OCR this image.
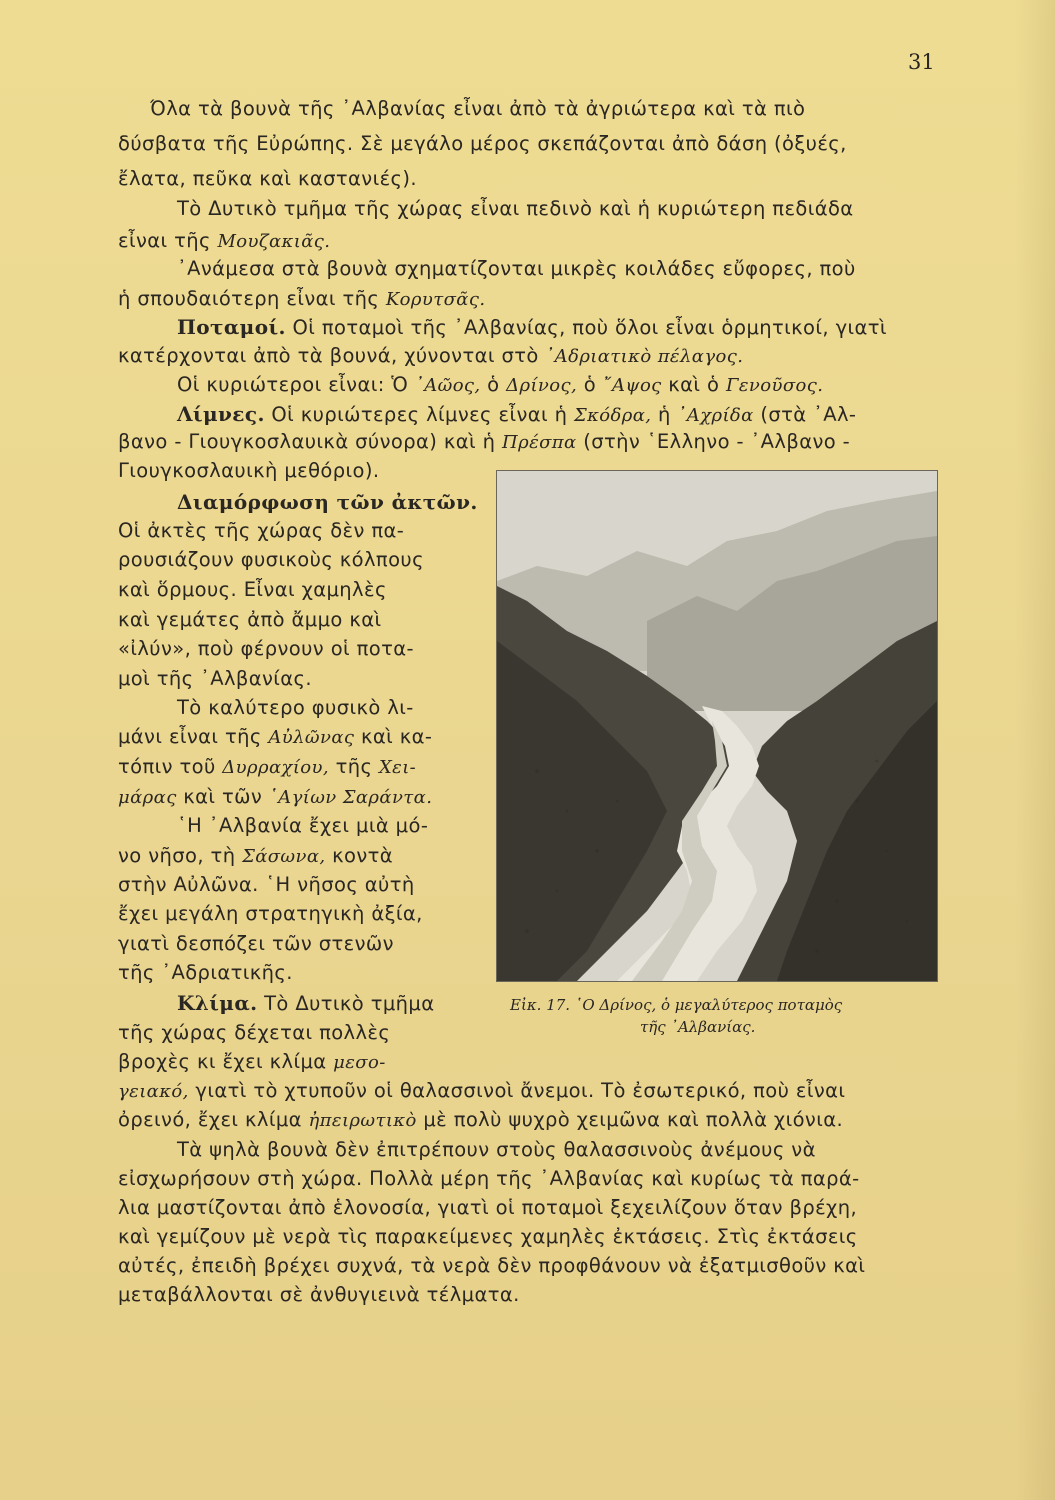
31
Όλα τὰ βουνὰ τῆς ᾽Αλβανίας εἶναι ἀπὸ τὰ ἀγριώτερα καὶ τὰ πιὸ
δύσβατα τῆς Εὐρώπης. Σὲ μεγάλο μέρος σκεπάζονται ἀπὸ δάση (ὀξυές,
ἔλατα, πεῦκα καὶ καστανιές).
Τὸ Δυτικὸ τμῆμα τῆς χώρας εἶναι πεδινὸ καὶ ἡ κυριώτερη πεδιάδα
εἶναι τῆς Μουζακιᾶς.
᾽Ανάμεσα στὰ βουνὰ σχηματίζονται μικρὲς κοιλάδες εὔφορες, ποὺ
ἡ σπουδαιότερη εἶναι τῆς Κορυτσᾶς.
Ποταμοί. Οἱ ποταμοὶ τῆς ᾽Αλβανίας, ποὺ ὅλοι εἶναι ὁρμητικοί, γιατὶ
κατέρχονται ἀπὸ τὰ βουνά, χύνονται στὸ ᾽Αδριατικὸ πέλαγος.
Οἱ κυριώτεροι εἶναι: Ὁ ᾽Αῶος, ὁ Δρίνος, ὁ ῎Αψος καὶ ὁ Γενοῦσος.
Λίμνες. Οἱ κυριώτερες λίμνες εἶναι ἡ Σκόδρα, ἡ ᾽Αχρίδα (στὰ ᾽Αλ-
βανο - Γιουγκοσλαυικὰ σύνορα) καὶ ἡ Πρέσπα (στὴν ῾Ελληνο - ᾽Αλβανο -
Γιουγκοσλαυικὴ μεθόριο).
Διαμόρφωση τῶν ἀκτῶν.
Οἱ ἀκτὲς τῆς χώρας δὲν πα-
ρουσιάζουν φυσικοὺς κόλπους
καὶ ὅρμους. Εἶναι χαμηλὲς
καὶ γεμάτες ἀπὸ ἄμμο καὶ
«ἰλύν», ποὺ φέρνουν οἱ ποτα-
μοὶ τῆς ᾽Αλβανίας.
Τὸ καλύτερο φυσικὸ λι-
μάνι εἶναι τῆς Αὐλῶνας καὶ κα-
τόπιν τοῦ Δυρραχίου, τῆς Χει-
μάρας καὶ τῶν ῾Αγίων Σαράντα.
῾Η ᾽Αλβανία ἔχει μιὰ μό-
νο νῆσο, τὴ Σάσωνα, κοντὰ
στὴν Αὐλῶνα. ῾Η νῆσος αὐτὴ
ἔχει μεγάλη στρατηγικὴ ἀξία,
γιατὶ δεσπόζει τῶν στενῶν
τῆς ᾽Αδριατικῆς.
Κλίμα. Τὸ Δυτικὸ τμῆμα
τῆς χώρας δέχεται πολλὲς
βροχὲς κι ἔχει κλίμα μεσο-
γειακό, γιατὶ τὸ χτυποῦν οἱ θαλασσινοὶ ἄνεμοι. Τὸ ἐσωτερικό, ποὺ εἶναι
ὀρεινό, ἔχει κλίμα ἠπειρωτικὸ μὲ πολὺ ψυχρὸ χειμῶνα καὶ πολλὰ χιόνια.
Τὰ ψηλὰ βουνὰ δὲν ἐπιτρέπουν στοὺς θαλασσινοὺς ἀνέμους νὰ
εἰσχωρήσουν στὴ χώρα. Πολλὰ μέρη τῆς ᾽Αλβανίας καὶ κυρίως τὰ παρά-
λια μαστίζονται ἀπὸ ἑλονοσία, γιατὶ οἱ ποταμοὶ ξεχειλίζουν ὅταν βρέχη,
καὶ γεμίζουν μὲ νερὰ τὶς παρακείμενες χαμηλὲς ἐκτάσεις. Στὶς ἐκτάσεις
αὐτές, ἐπειδὴ βρέχει συχνά, τὰ νερὰ δὲν προφθάνουν νὰ ἐξατμισθοῦν καὶ
μεταβάλλονται σὲ ἀνθυγιεινὰ τέλματα.
Εἰκ. 17. ῾Ο Δρίνος, ὁ μεγαλύτερος ποταμὸς
τῆς ᾽Αλβανίας.
